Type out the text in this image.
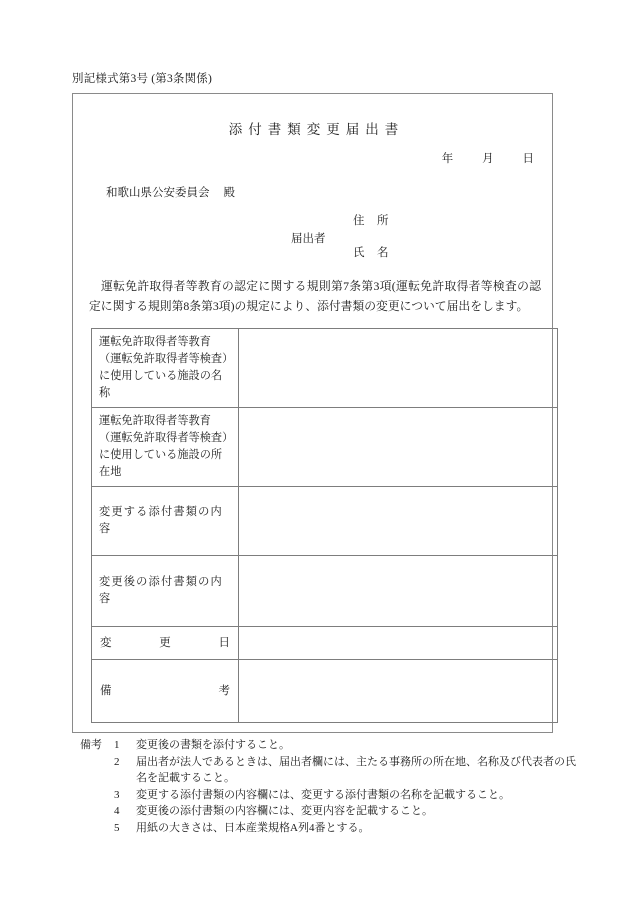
別記様式第3号 (第3条関係)
添付書類変更届出書
年	月	日
和歌山県公安委員会 殿
届出者
住　所
氏　名
運転免許取得者等教育の認定に関する規則第7条第3項(運転免許取得者等検査の認定に関する規則第8条第3項)の規定により、添付書類の変更について届出をします。
運転免許取得者等教育（運転免許取得者等検査）に使用している施設の名称	
運転免許取得者等教育（運転免許取得者等検査）に使用している施設の所在地	
変更する添付書類の内容	
変更後の添付書類の内容	

変 更 日	

備 考	

備考	1	変更後の書類を添付すること。
2	届出者が法人であるときは、届出者欄には、主たる事務所の所在地、名称及び代表者の氏名を記載すること。
3	変更する添付書類の内容欄には、変更する添付書類の名称を記載すること。
4	変更後の添付書類の内容欄には、変更内容を記載すること。
5	用紙の大きさは、日本産業規格A列4番とする。
